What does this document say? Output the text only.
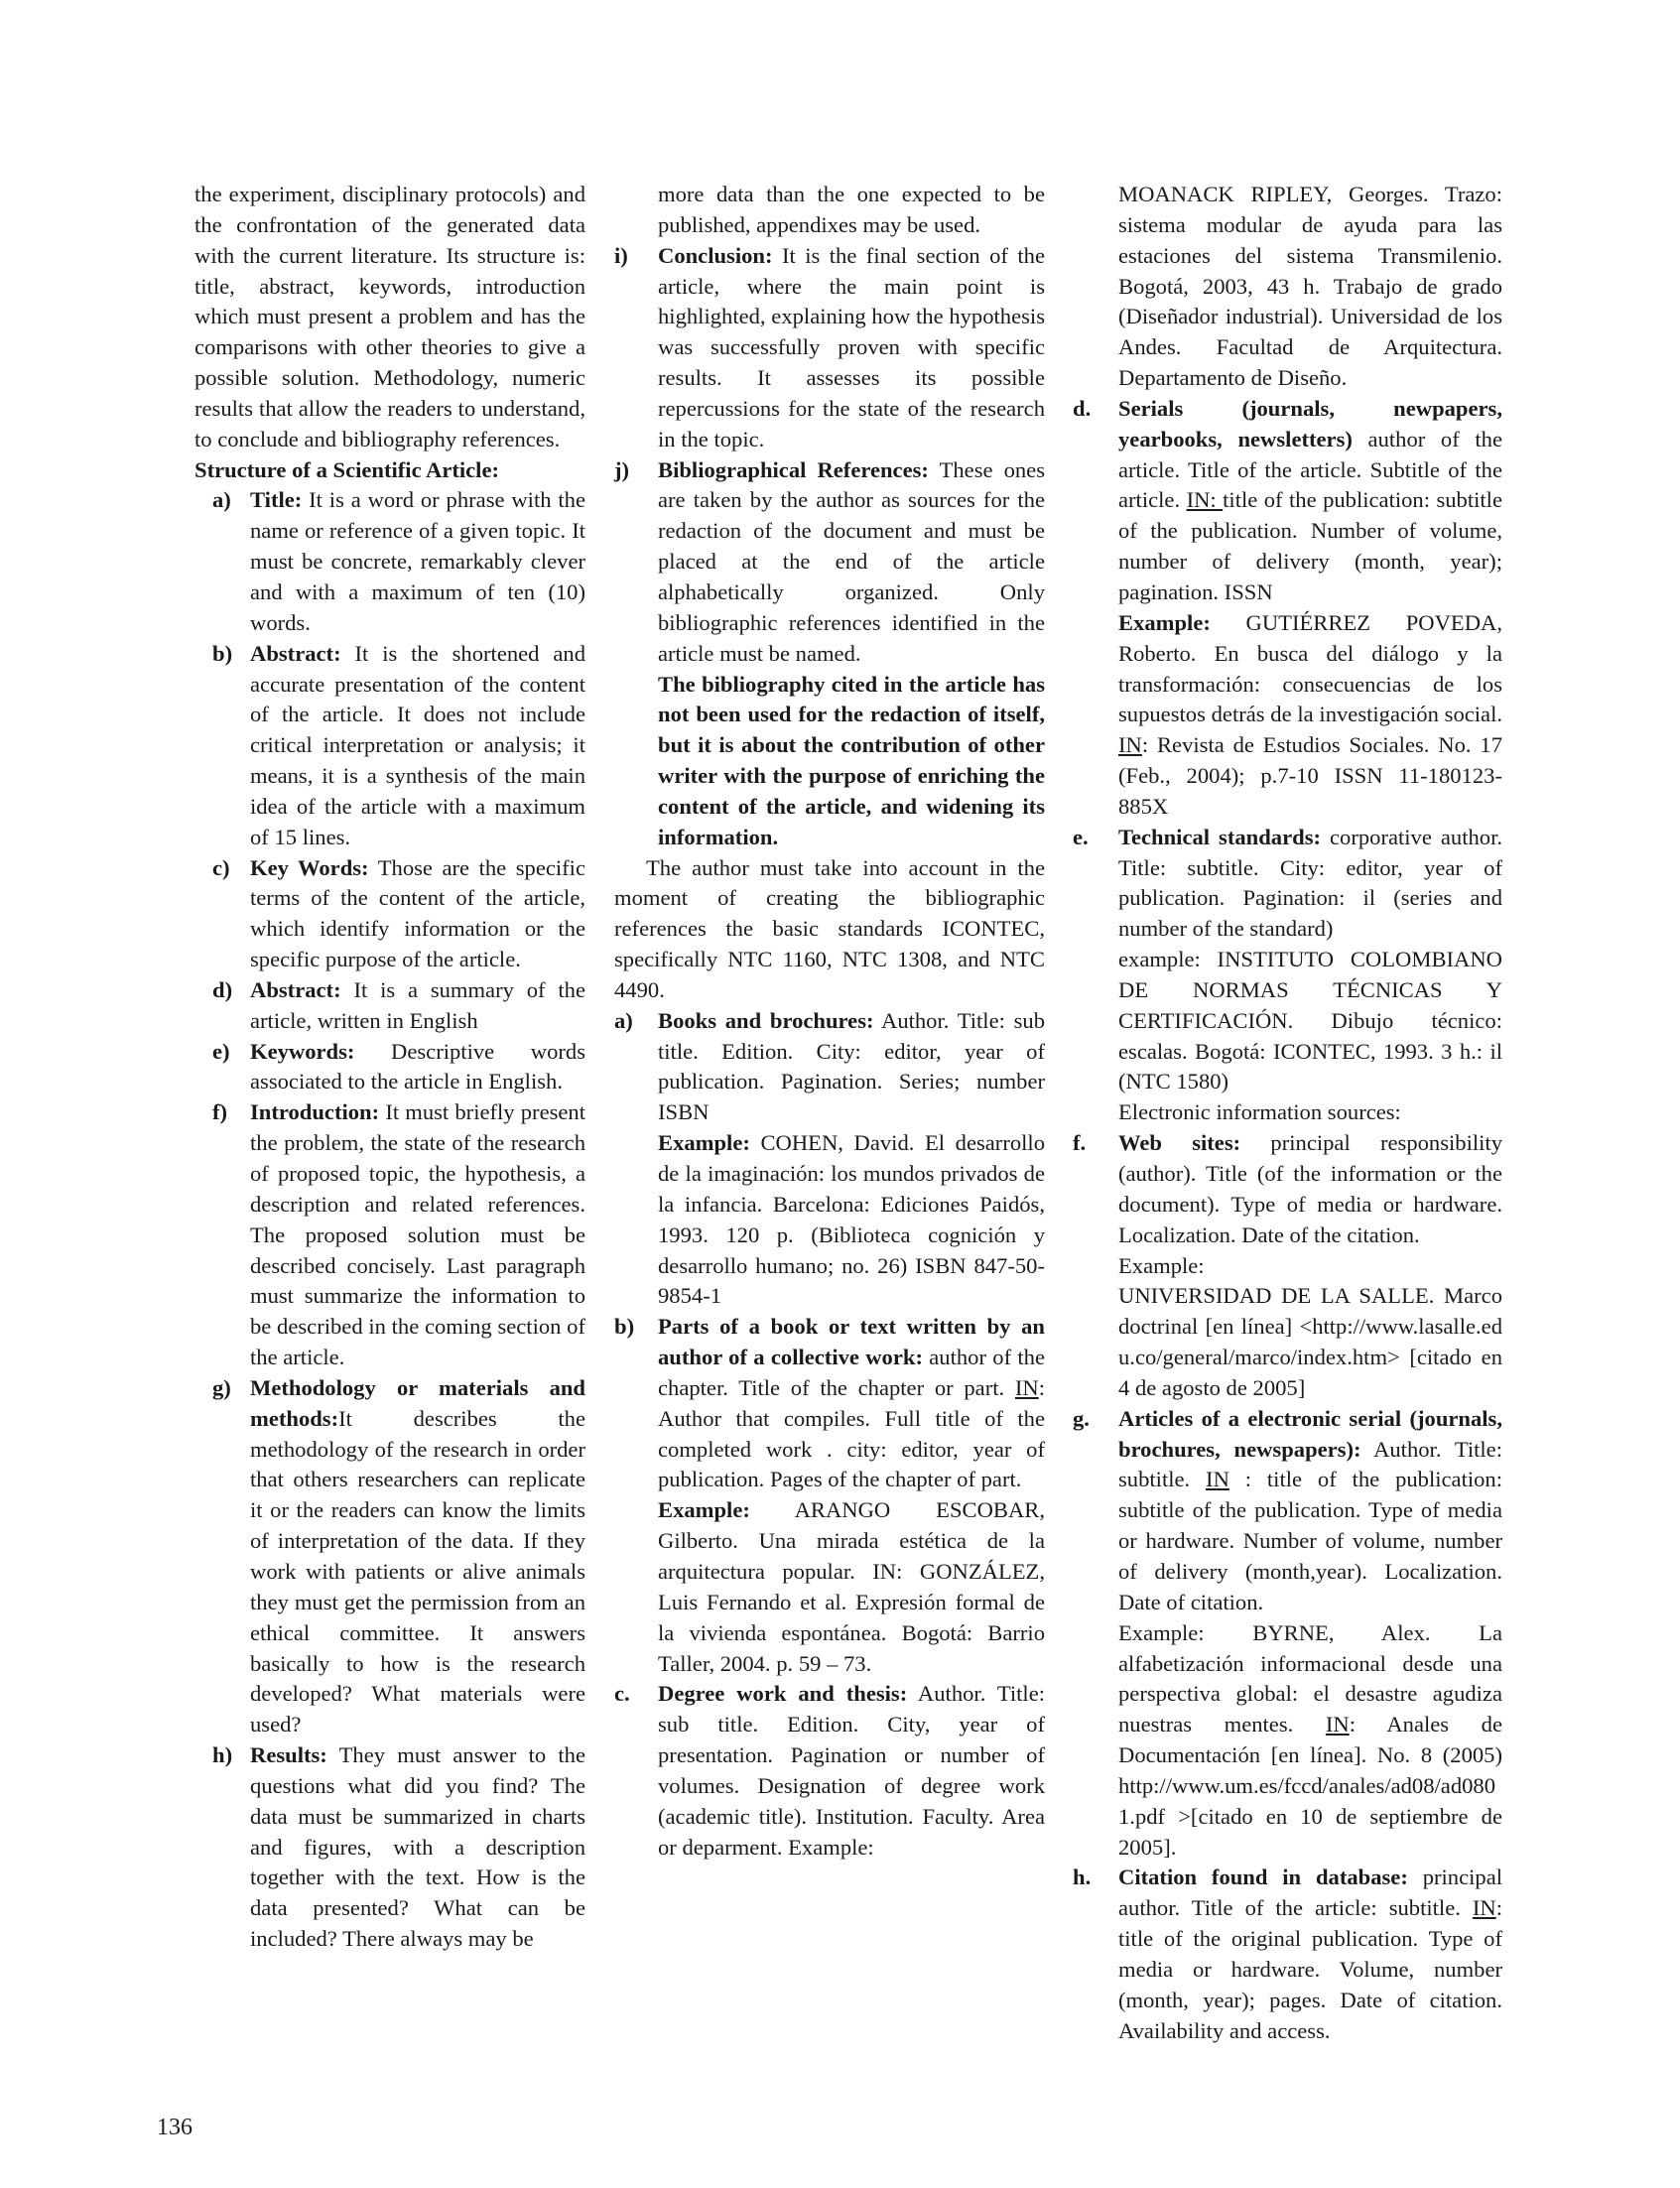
the experiment, disciplinary protocols) and the confrontation of the generated data with the current literature. Its structure is: title, abstract, keywords, introduction which must present a problem and has the comparisons with other theories to give a possible solution. Methodology, numeric results that allow the readers to understand, to conclude and bibliography references.

Structure of a Scientific Article:

a) Title: It is a word or phrase with the name or reference of a given topic. It must be concrete, remarkably clever and with a maximum of ten (10) words.

b) Abstract: It is the shortened and accurate presentation of the content of the article. It does not include critical interpretation or analysis; it means, it is a synthesis of the main idea of the article with a maximum of 15 lines.

c) Key Words: Those are the specific terms of the content of the article, which identify information or the specific purpose of the article.

d) Abstract: It is a summary of the article, written in English

e) Keywords: Descriptive words associated to the article in English.

f) Introduction: It must briefly present the problem, the state of the research of proposed topic, the hypothesis, a description and related references. The proposed solution must be described concisely. Last paragraph must summarize the information to be described in the coming section of the article.

g) Methodology or materials and methods:It describes the methodology of the research in order that others researchers can replicate it or the readers can know the limits of interpretation of the data. If they work with patients or alive animals they must get the permission from an ethical committee. It answers basically to how is the research developed? What materials were used?

h) Results: They must answer to the questions what did you find? The data must be summarized in charts and figures, with a description together with the text. How is the data presented? What can be included? There always may be

more data than the one expected to be published, appendixes may be used.

i) Conclusion: It is the final section of the article, where the main point is highlighted, explaining how the hypothesis was successfully proven with specific results. It assesses its possible repercussions for the state of the research in the topic.

j) Bibliographical References: These ones are taken by the author as sources for the redaction of the document and must be placed at the end of the article alphabetically organized. Only bibliographic references identified in the article must be named.

The bibliography cited in the article has not been used for the redaction of itself, but it is about the contribution of other writer with the purpose of enriching the content of the article, and widening its information.

The author must take into account in the moment of creating the bibliographic references the basic standards ICONTEC, specifically NTC 1160, NTC 1308, and NTC 4490.

a) Books and brochures: Author. Title: sub title. Edition. City: editor, year of publication. Pagination. Series; number ISBN

Example: COHEN, David. El desarrollo de la imaginación: los mundos privados de la infancia. Barcelona: Ediciones Paidós, 1993. 120 p. (Biblioteca cognición y desarrollo humano; no. 26) ISBN 847-50-9854-1

b) Parts of a book or text written by an author of a collective work: author of the chapter. Title of the chapter or part. IN: Author that compiles. Full title of the completed work . city: editor, year of publication. Pages of the chapter of part.

Example: ARANGO ESCOBAR, Gilberto. Una mirada estética de la arquitectura popular. IN: GONZÁLEZ, Luis Fernando et al. Expresión formal de la vivienda espontánea. Bogotá: Barrio Taller, 2004. p. 59 – 73.

c. Degree work and thesis: Author. Title: sub title. Edition. City, year of presentation. Pagination or number of volumes. Designation of degree work (academic title). Institution. Faculty. Area or deparment. Example:

MOANACK RIPLEY, Georges. Trazo: sistema modular de ayuda para las estaciones del sistema Transmilenio. Bogotá, 2003, 43 h. Trabajo de grado (Diseñador industrial). Universidad de los Andes. Facultad de Arquitectura. Departamento de Diseño.

d. Serials (journals, newpapers, yearbooks, newsletters) author of the article. Title of the article. Subtitle of the article. IN: title of the publication: subtitle of the publication. Number of volume, number of delivery (month, year); pagination. ISSN

Example: GUTIÉRREZ POVEDA, Roberto. En busca del diálogo y la transformación: consecuencias de los supuestos detrás de la investigación social. IN: Revista de Estudios Sociales. No. 17 (Feb., 2004); p.7-10 ISSN 11-180123-885X

e. Technical standards: corporative author. Title: subtitle. City: editor, year of publication. Pagination: il (series and number of the standard)

example: INSTITUTO COLOMBIANO DE NORMAS TÉCNICAS Y CERTIFICACIÓN. Dibujo técnico: escalas. Bogotá: ICONTEC, 1993. 3 h.: il (NTC 1580)

Electronic information sources:

f. Web sites: principal responsibility (author). Title (of the information or the document). Type of media or hardware. Localization. Date of the citation.

Example:

UNIVERSIDAD DE LA SALLE. Marco doctrinal [en línea] <http://www.lasalle.edu.co/general/marco/index.htm> [citado en 4 de agosto de 2005]

g. Articles of a electronic serial (journals, brochures, newspapers): Author. Title: subtitle. IN : title of the publication: subtitle of the publication. Type of media or hardware. Number of volume, number of delivery (month,year). Localization. Date of citation.

Example: BYRNE, Alex. La alfabetización informacional desde una perspectiva global: el desastre agudiza nuestras mentes. IN: Anales de Documentación [en línea]. No. 8 (2005) http://www.um.es/fccd/anales/ad08/ad0801.pdf >[citado en 10 de septiembre de 2005].

h. Citation found in database: principal author. Title of the article: subtitle. IN: title of the original publication. Type of media or hardware. Volume, number (month, year); pages. Date of citation. Availability and access.

136
